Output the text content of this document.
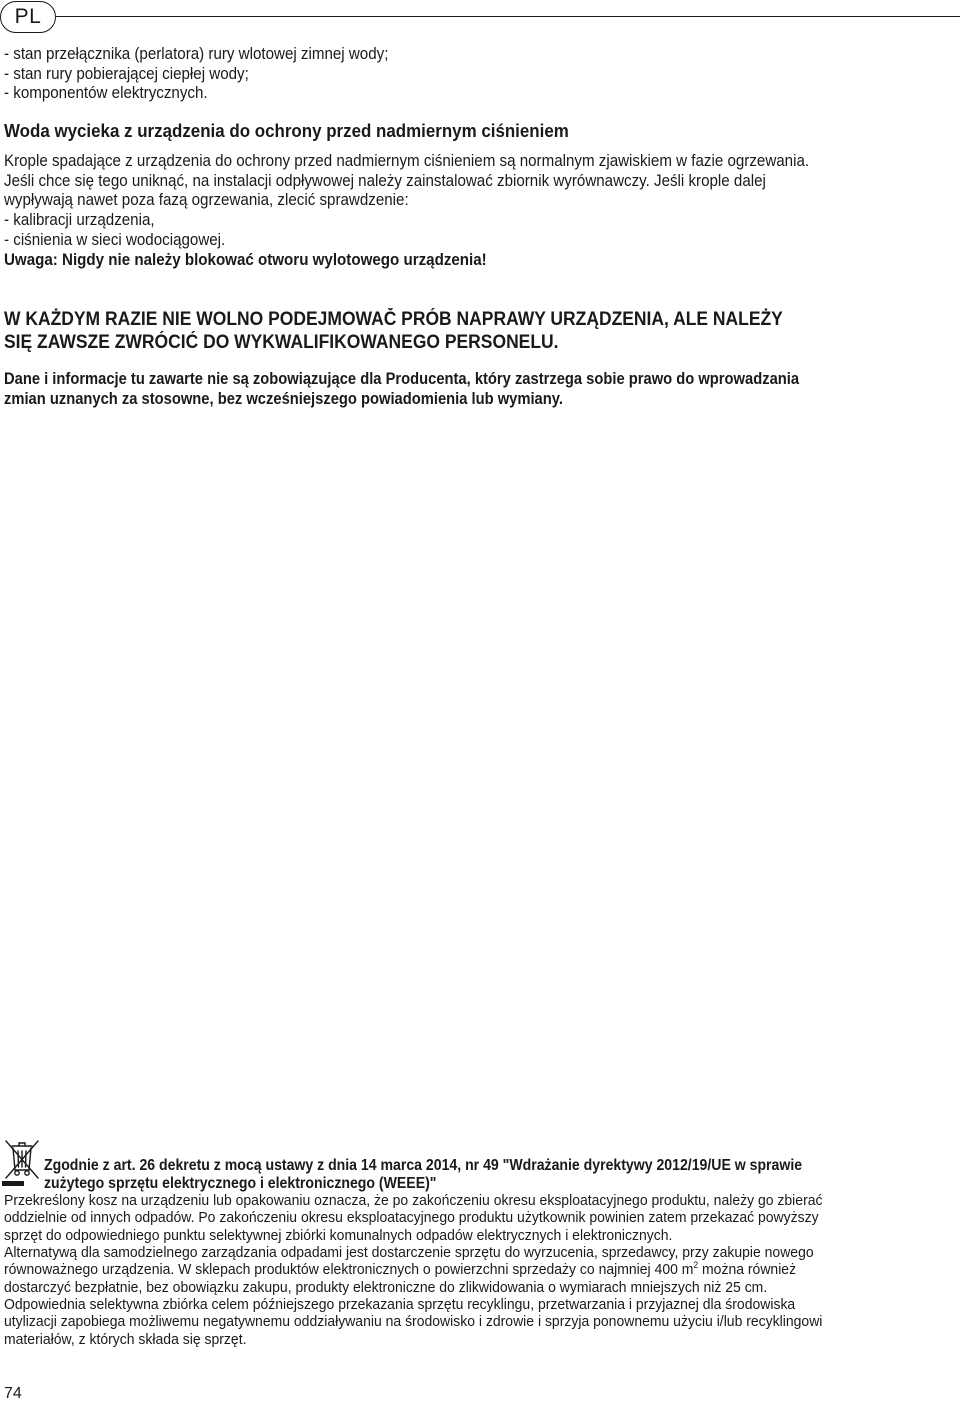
PL
- stan przełącznika (perlatora) rury wlotowej zimnej wody;
- stan rury pobierającej ciepłej wody;
- komponentów elektrycznych.
Woda wycieka z urządzenia do ochrony przed nadmiernym ciśnieniem
Krople spadające z urządzenia do ochrony przed nadmiernym ciśnieniem są normalnym zjawiskiem w fazie ogrzewania.
Jeśli chce się tego uniknąć, na instalacji odpływowej należy zainstalować zbiornik wyrównawczy. Jeśli krople dalej
wypływają nawet poza fazą ogrzewania, zlecić sprawdzenie:
- kalibracji urządzenia,
- ciśnienia w sieci wodociągowej.
Uwaga: Nigdy nie należy blokować otworu wylotowego urządzenia!
W KAŻDYM RAZIE NIE WOLNO PODEJMOWAČ PRÓB NAPRAWY URZĄDZENIA, ALE NALEŻY
SIĘ ZAWSZE ZWRÓCIĆ DO WYKWALIFIKOWANEGO PERSONELU.
Dane i informacje tu zawarte nie są zobowiązujące dla Producenta, który zastrzega sobie prawo do wprowadzania
zmian uznanych za stosowne, bez wcześniejszego powiadomienia lub wymiany.
Zgodnie z art. 26 dekretu z mocą ustawy z dnia 14 marca 2014, nr 49 "Wdrażanie dyrektywy 2012/19/UE w sprawie
zużytego sprzętu elektrycznego i elektronicznego (WEEE)"
Przekreślony kosz na urządzeniu lub opakowaniu oznacza, że po zakończeniu okresu eksploatacyjnego produktu, należy go zbierać
oddzielnie od innych odpadów. Po zakończeniu okresu eksploatacyjnego produktu użytkownik powinien zatem przekazać powyższy
sprzęt do odpowiedniego punktu selektywnej zbiórki komunalnych odpadów elektrycznych i elektronicznych.
Alternatywą dla samodzielnego zarządzania odpadami jest dostarczenie sprzętu do wyrzucenia, sprzedawcy, przy zakupie nowego
równoważnego urządzenia. W sklepach produktów elektronicznych o powierzchni sprzedaży co najmniej 400 $m^2$ można również
dostarczyć bezpłatnie, bez obowiązku zakupu, produkty elektroniczne do zlikwidowania o wymiarach mniejszych niż 25 cm.
Odpowiednia selektywna zbiórka celem późniejszego przekazania sprzętu recyklingu, przetwarzania i przyjaznej dla środowiska
utylizacji zapobiega możliwemu negatywnemu oddziaływaniu na środowisko i zdrowie i sprzyja ponownemu użyciu i/lub recyklingowi
materiałów, z których składa się sprzęt.
74
